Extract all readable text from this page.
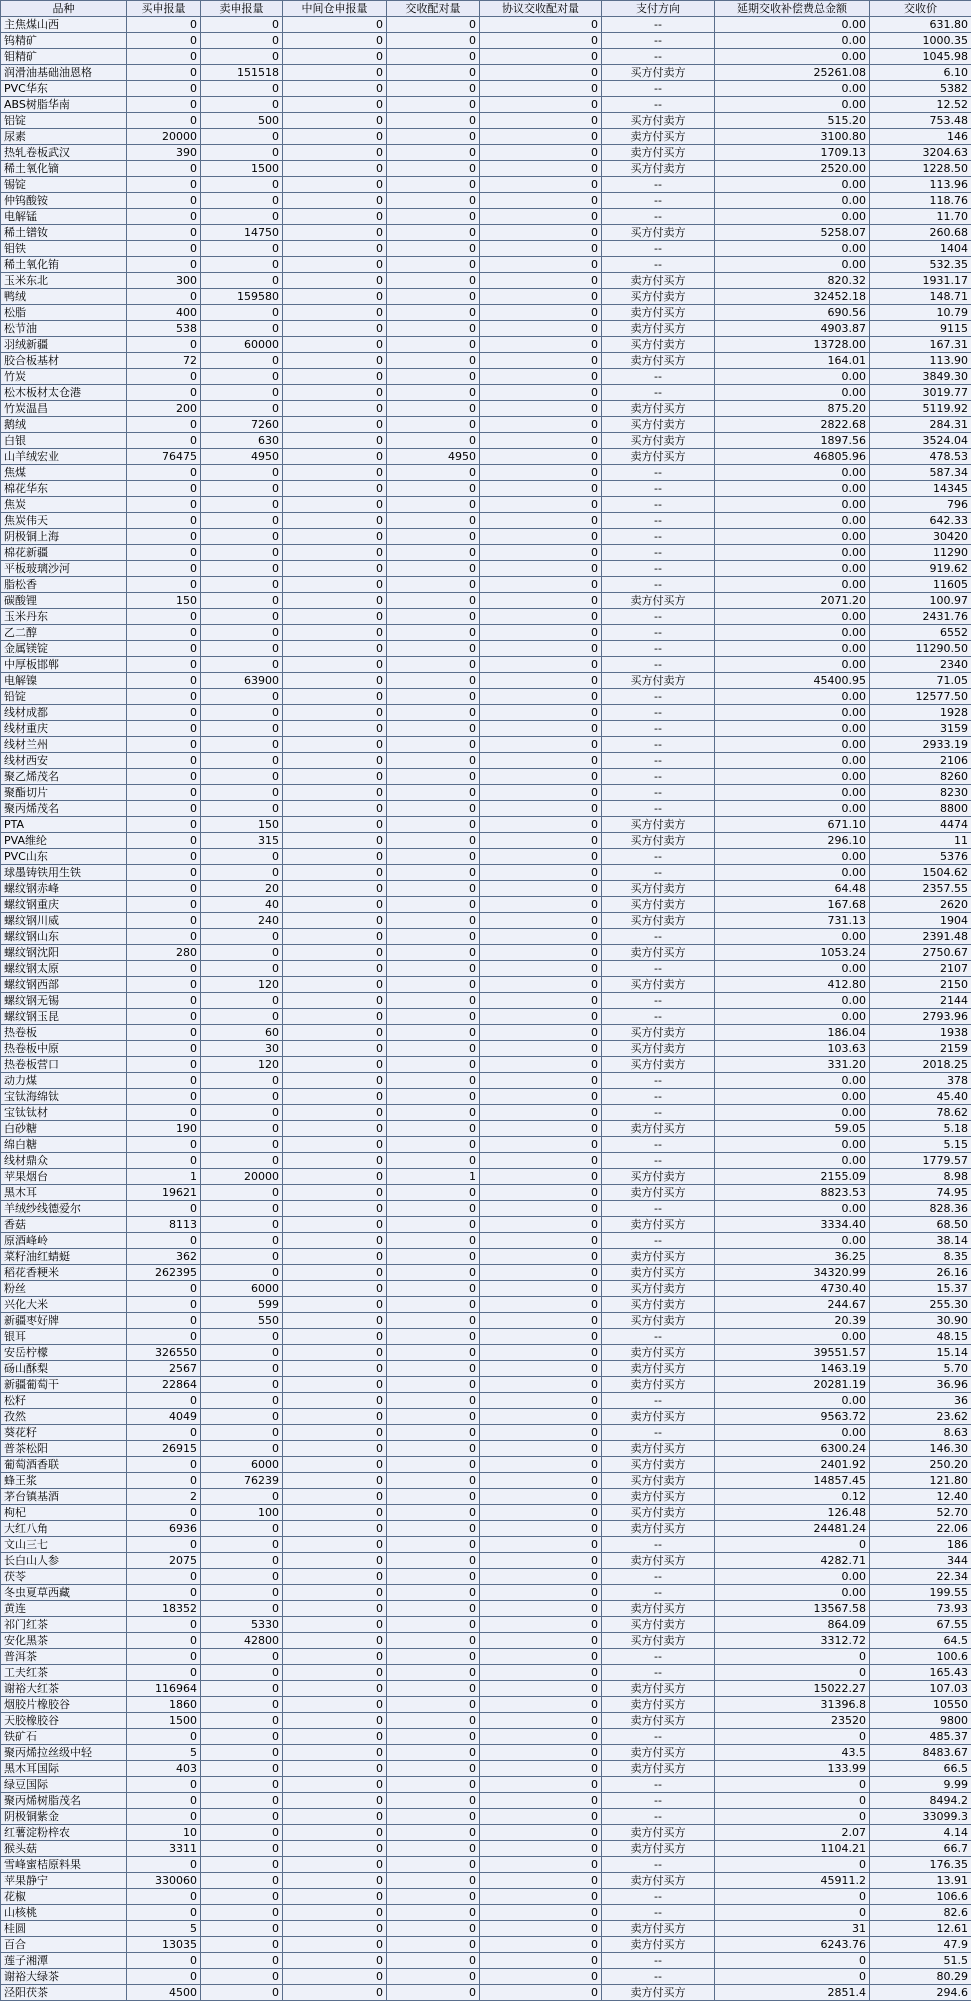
品种	买申报量	卖申报量	中间仓申报量	交收配对量	协议交收配对量	支付方向	延期交收补偿费总金额	交收价
主焦煤山西	0	0	0	0	0	--	0.00	631.80
钨精矿	0	0	0	0	0	--	0.00	1000.35
钼精矿	0	0	0	0	0	--	0.00	1045.98
润滑油基础油恩格	0	151518	0	0	0	买方付卖方	25261.08	6.10
PVC华东	0	0	0	0	0	--	0.00	5382
ABS树脂华南	0	0	0	0	0	--	0.00	12.52
铝锭	0	500	0	0	0	买方付卖方	515.20	753.48
尿素	20000	0	0	0	0	卖方付买方	3100.80	146
热轧卷板武汉	390	0	0	0	0	卖方付买方	1709.13	3204.63
稀土氧化镝	0	1500	0	0	0	买方付卖方	2520.00	1228.50
锡锭	0	0	0	0	0	--	0.00	113.96
仲钨酸铵	0	0	0	0	0	--	0.00	118.76
电解锰	0	0	0	0	0	--	0.00	11.70
稀土镨钕	0	14750	0	0	0	买方付卖方	5258.07	260.68
钼铁	0	0	0	0	0	--	0.00	1404
稀土氧化铕	0	0	0	0	0	--	0.00	532.35
玉米东北	300	0	0	0	0	卖方付买方	820.32	1931.17
鸭绒	0	159580	0	0	0	买方付卖方	32452.18	148.71
松脂	400	0	0	0	0	卖方付买方	690.56	10.79
松节油	538	0	0	0	0	卖方付买方	4903.87	9115
羽绒新疆	0	60000	0	0	0	买方付卖方	13728.00	167.31
胶合板基材	72	0	0	0	0	卖方付买方	164.01	113.90
竹炭	0	0	0	0	0	--	0.00	3849.30
松木板材太仓港	0	0	0	0	0	--	0.00	3019.77
竹炭温昌	200	0	0	0	0	卖方付买方	875.20	5119.92
鹅绒	0	7260	0	0	0	买方付卖方	2822.68	284.31
白银	0	630	0	0	0	买方付卖方	1897.56	3524.04
山羊绒宏业	76475	4950	0	4950	0	卖方付买方	46805.96	478.53
焦煤	0	0	0	0	0	--	0.00	587.34
棉花华东	0	0	0	0	0	--	0.00	14345
焦炭	0	0	0	0	0	--	0.00	796
焦炭伟天	0	0	0	0	0	--	0.00	642.33
阴极铜上海	0	0	0	0	0	--	0.00	30420
棉花新疆	0	0	0	0	0	--	0.00	11290
平板玻璃沙河	0	0	0	0	0	--	0.00	919.62
脂松香	0	0	0	0	0	--	0.00	11605
碳酸锂	150	0	0	0	0	卖方付买方	2071.20	100.97
玉米丹东	0	0	0	0	0	--	0.00	2431.76
乙二醇	0	0	0	0	0	--	0.00	6552
金属镁锭	0	0	0	0	0	--	0.00	11290.50
中厚板邯郸	0	0	0	0	0	--	0.00	2340
电解镍	0	63900	0	0	0	买方付卖方	45400.95	71.05
铅锭	0	0	0	0	0	--	0.00	12577.50
线材成都	0	0	0	0	0	--	0.00	1928
线材重庆	0	0	0	0	0	--	0.00	3159
线材兰州	0	0	0	0	0	--	0.00	2933.19
线材西安	0	0	0	0	0	--	0.00	2106
聚乙烯茂名	0	0	0	0	0	--	0.00	8260
聚酯切片	0	0	0	0	0	--	0.00	8230
聚丙烯茂名	0	0	0	0	0	--	0.00	8800
PTA	0	150	0	0	0	买方付卖方	671.10	4474
PVA维纶	0	315	0	0	0	买方付卖方	296.10	11
PVC山东	0	0	0	0	0	--	0.00	5376
球墨铸铁用生铁	0	0	0	0	0	--	0.00	1504.62
螺纹钢赤峰	0	20	0	0	0	买方付卖方	64.48	2357.55
螺纹钢重庆	0	40	0	0	0	买方付卖方	167.68	2620
螺纹钢川威	0	240	0	0	0	买方付卖方	731.13	1904
螺纹钢山东	0	0	0	0	0	--	0.00	2391.48
螺纹钢沈阳	280	0	0	0	0	卖方付买方	1053.24	2750.67
螺纹钢太原	0	0	0	0	0	--	0.00	2107
螺纹钢西部	0	120	0	0	0	买方付卖方	412.80	2150
螺纹钢无锡	0	0	0	0	0	--	0.00	2144
螺纹钢玉昆	0	0	0	0	0	--	0.00	2793.96
热卷板	0	60	0	0	0	买方付卖方	186.04	1938
热卷板中原	0	30	0	0	0	买方付卖方	103.63	2159
热卷板营口	0	120	0	0	0	买方付卖方	331.20	2018.25
动力煤	0	0	0	0	0	--	0.00	378
宝钛海绵钛	0	0	0	0	0	--	0.00	45.40
宝钛钛材	0	0	0	0	0	--	0.00	78.62
白砂糖	190	0	0	0	0	卖方付买方	59.05	5.18
绵白糖	0	0	0	0	0	--	0.00	5.15
线材鼎众	0	0	0	0	0	--	0.00	1779.57
苹果烟台	1	20000	0	1	0	买方付卖方	2155.09	8.98
黑木耳	19621	0	0	0	0	卖方付买方	8823.53	74.95
羊绒纱线德爱尔	0	0	0	0	0	--	0.00	828.36
香菇	8113	0	0	0	0	卖方付买方	3334.40	68.50
原酒峰岭	0	0	0	0	0	--	0.00	38.14
菜籽油红蜻蜓	362	0	0	0	0	卖方付买方	36.25	8.35
稻花香粳米	262395	0	0	0	0	卖方付买方	34320.99	26.16
粉丝	0	6000	0	0	0	买方付卖方	4730.40	15.37
兴化大米	0	599	0	0	0	买方付卖方	244.67	255.30
新疆枣好牌	0	550	0	0	0	买方付卖方	20.39	30.90
银耳	0	0	0	0	0	--	0.00	48.15
安岳柠檬	326550	0	0	0	0	卖方付买方	39551.57	15.14
砀山酥梨	2567	0	0	0	0	卖方付买方	1463.19	5.70
新疆葡萄干	22864	0	0	0	0	卖方付买方	20281.19	36.96
松籽	0	0	0	0	0	--	0.00	36
孜然	4049	0	0	0	0	卖方付买方	9563.72	23.62
葵花籽	0	0	0	0	0	--	0.00	8.63
普茶松阳	26915	0	0	0	0	卖方付买方	6300.24	146.30
葡萄酒香联	0	6000	0	0	0	买方付卖方	2401.92	250.20
蜂王浆	0	76239	0	0	0	买方付卖方	14857.45	121.80
茅台镇基酒	2	0	0	0	0	卖方付买方	0.12	12.40
枸杞	0	100	0	0	0	买方付卖方	126.48	52.70
大红八角	6936	0	0	0	0	卖方付买方	24481.24	22.06
文山三七	0	0	0	0	0	--	0	186
长白山人参	2075	0	0	0	0	卖方付买方	4282.71	344
茯苓	0	0	0	0	0	--	0.00	22.34
冬虫夏草西藏	0	0	0	0	0	--	0.00	199.55
黄连	18352	0	0	0	0	卖方付买方	13567.58	73.93
祁门红茶	0	5330	0	0	0	买方付卖方	864.09	67.55
安化黑茶	0	42800	0	0	0	买方付卖方	3312.72	64.5
普洱茶	0	0	0	0	0	--	0	100.6
工夫红茶	0	0	0	0	0	--	0	165.43
谢裕大红茶	116964	0	0	0	0	卖方付买方	15022.27	107.03
烟胶片橡胶谷	1860	0	0	0	0	卖方付买方	31396.8	10550
天胶橡胶谷	1500	0	0	0	0	卖方付买方	23520	9800
铁矿石	0	0	0	0	0	--	0	485.37
聚丙烯拉丝级中轻	5	0	0	0	0	卖方付买方	43.5	8483.67
黑木耳国际	403	0	0	0	0	卖方付买方	133.99	66.5
绿豆国际	0	0	0	0	0	--	0	9.99
聚丙烯树脂茂名	0	0	0	0	0	--	0	8494.2
阴极铜紫金	0	0	0	0	0	--	0	33099.3
红薯淀粉梓农	10	0	0	0	0	卖方付买方	2.07	4.14
猴头菇	3311	0	0	0	0	卖方付买方	1104.21	66.7
雪峰蜜桔原料果	0	0	0	0	0	--	0	176.35
苹果静宁	330060	0	0	0	0	卖方付买方	45911.2	13.91
花椒	0	0	0	0	0	--	0	106.6
山核桃	0	0	0	0	0	--	0	82.6
桂圆	5	0	0	0	0	卖方付买方	31	12.61
百合	13035	0	0	0	0	卖方付买方	6243.76	47.9
莲子湘潭	0	0	0	0	0	--	0	51.5
谢裕大绿茶	0	0	0	0	0	--	0	80.29
泾阳茯茶	4500	0	0	0	0	卖方付买方	2851.4	294.6
